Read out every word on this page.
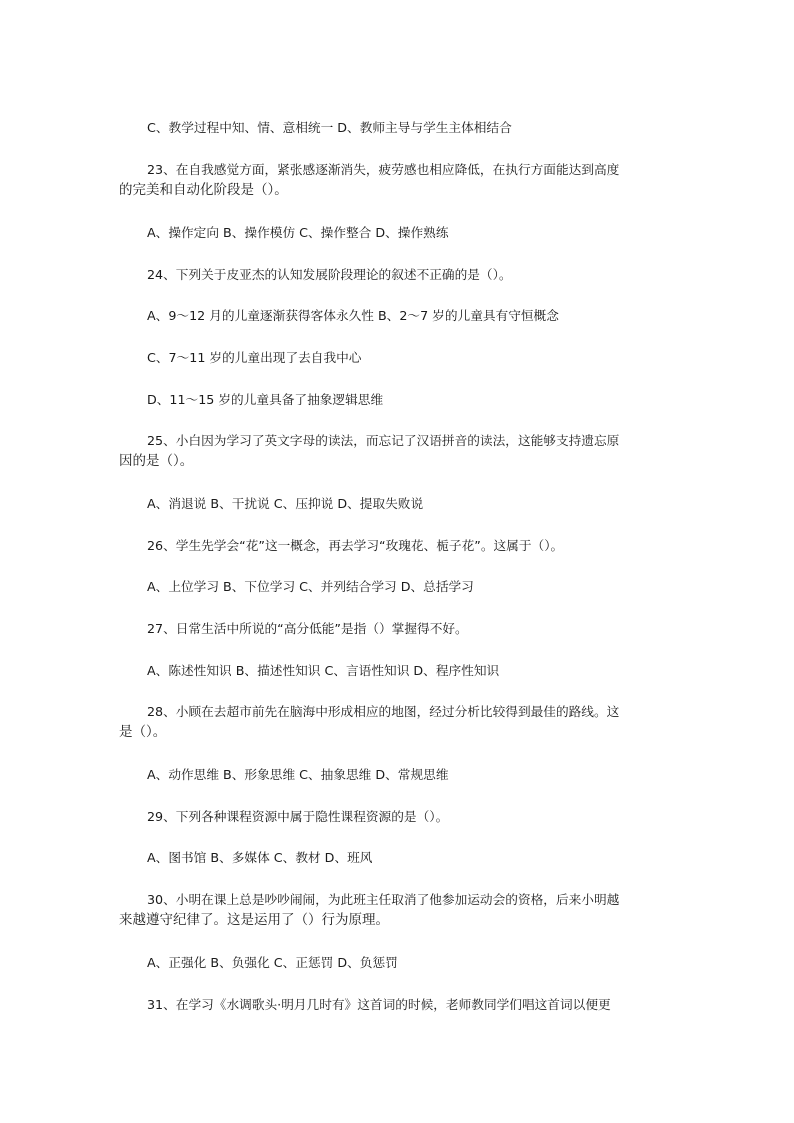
C、教学过程中知、情、意相统一 D、教师主导与学生主体相结合
23、在自我感觉方面，紧张感逐渐消失，疲劳感也相应降低，在执行方面能达到高度
的完美和自动化阶段是（）。
A、操作定向 B、操作模仿 C、操作整合 D、操作熟练
24、下列关于皮亚杰的认知发展阶段理论的叙述不正确的是（）。
A、9～12 月的儿童逐渐获得客体永久性 B、2～7 岁的儿童具有守恒概念
C、7～11 岁的儿童出现了去自我中心
D、11～15 岁的儿童具备了抽象逻辑思维
25、小白因为学习了英文字母的读法，而忘记了汉语拼音的读法，这能够支持遗忘原
因的是（）。
A、消退说 B、干扰说 C、压抑说 D、提取失败说
26、学生先学会“花”这一概念，再去学习“玫瑰花、栀子花”。这属于（）。
A、上位学习 B、下位学习 C、并列结合学习 D、总括学习
27、日常生活中所说的“高分低能”是指（）掌握得不好。
A、陈述性知识 B、描述性知识 C、言语性知识 D、程序性知识
28、小顾在去超市前先在脑海中形成相应的地图，经过分析比较得到最佳的路线。这
是（）。
A、动作思维 B、形象思维 C、抽象思维 D、常规思维
29、下列各种课程资源中属于隐性课程资源的是（）。
A、图书馆 B、多媒体 C、教材 D、班风
30、小明在课上总是吵吵闹闹，为此班主任取消了他参加运动会的资格，后来小明越
来越遵守纪律了。这是运用了（）行为原理。
A、正强化 B、负强化 C、正惩罚 D、负惩罚
31、在学习《水调歌头·明月几时有》这首词的时候，老师教同学们唱这首词以便更
